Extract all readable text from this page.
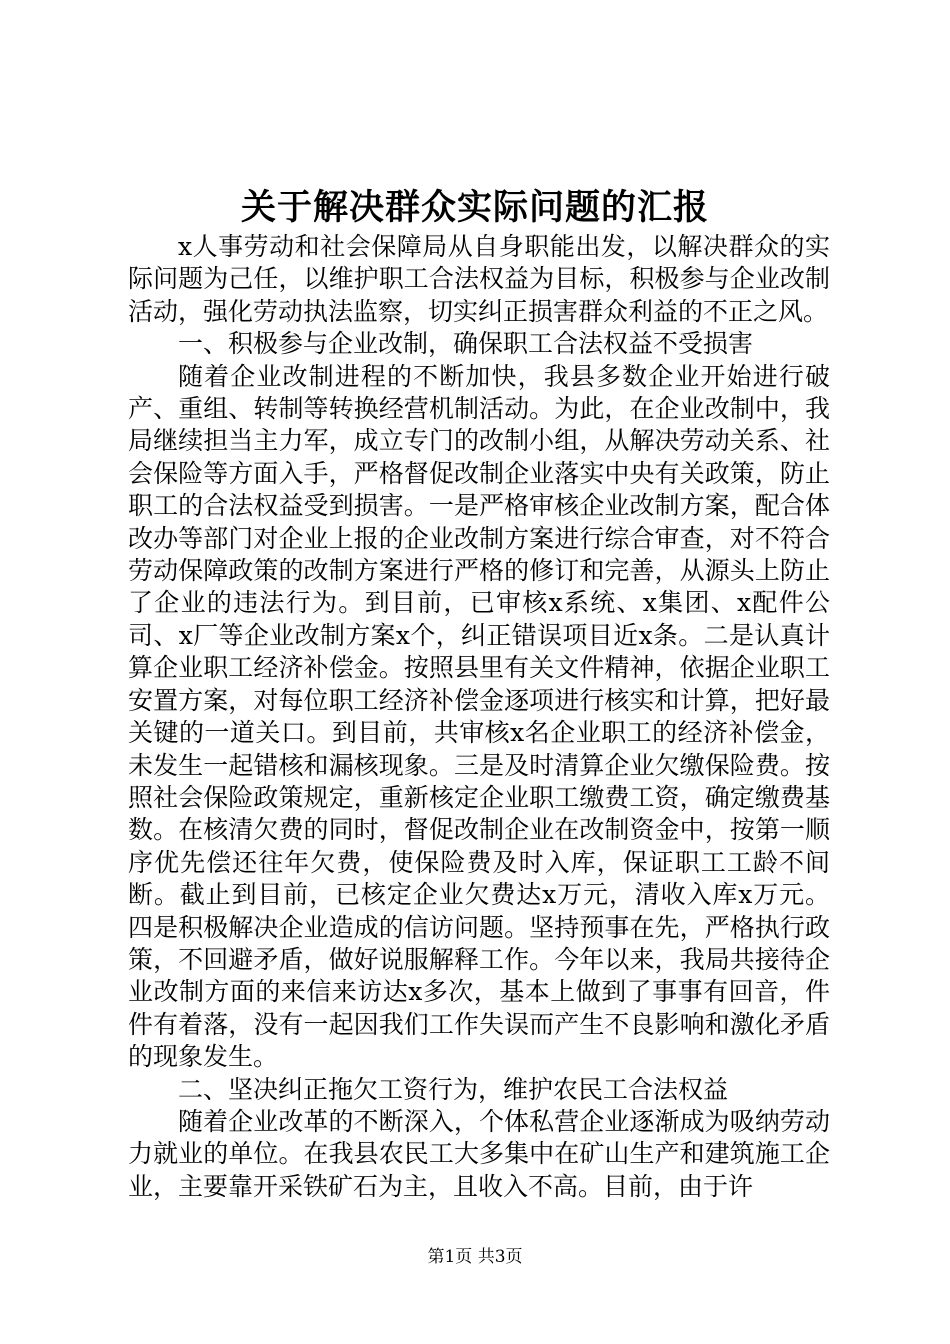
关于解决群众实际问题的汇报

x人事劳动和社会保障局从自身职能出发，以解决群众的实际问题为己任，以维护职工合法权益为目标，积极参与企业改制活动，强化劳动执法监察，切实纠正损害群众利益的不正之风。

一、积极参与企业改制，确保职工合法权益不受损害

随着企业改制进程的不断加快，我县多数企业开始进行破产、重组、转制等转换经营机制活动。为此，在企业改制中，我局继续担当主力军，成立专门的改制小组，从解决劳动关系、社会保险等方面入手，严格督促改制企业落实中央有关政策，防止职工的合法权益受到损害。一是严格审核企业改制方案，配合体改办等部门对企业上报的企业改制方案进行综合审查，对不符合劳动保障政策的改制方案进行严格的修订和完善，从源头上防止了企业的违法行为。到目前，已审核x系统、x集团、x配件公司、x厂等企业改制方案x个，纠正错误项目近x条。二是认真计算企业职工经济补偿金。按照县里有关文件精神，依据企业职工安置方案，对每位职工经济补偿金逐项进行核实和计算，把好最关键的一道关口。到目前，共审核x名企业职工的经济补偿金，未发生一起错核和漏核现象。三是及时清算企业欠缴保险费。按照社会保险政策规定，重新核定企业职工缴费工资，确定缴费基数。在核清欠费的同时，督促改制企业在改制资金中，按第一顺序优先偿还往年欠费，使保险费及时入库，保证职工工龄不间断。截止到目前，已核定企业欠费达x万元，清收入库x万元。四是积极解决企业造成的信访问题。坚持预事在先，严格执行政策，不回避矛盾，做好说服解释工作。今年以来，我局共接待企业改制方面的来信来访达x多次，基本上做到了事事有回音，件件有着落，没有一起因我们工作失误而产生不良影响和激化矛盾的现象发生。

二、坚决纠正拖欠工资行为，维护农民工合法权益

随着企业改革的不断深入，个体私营企业逐渐成为吸纳劳动力就业的单位。在我县农民工大多集中在矿山生产和建筑施工企业，主要靠开采铁矿石为主，且收入不高。目前，由于许

第1页 共3页
